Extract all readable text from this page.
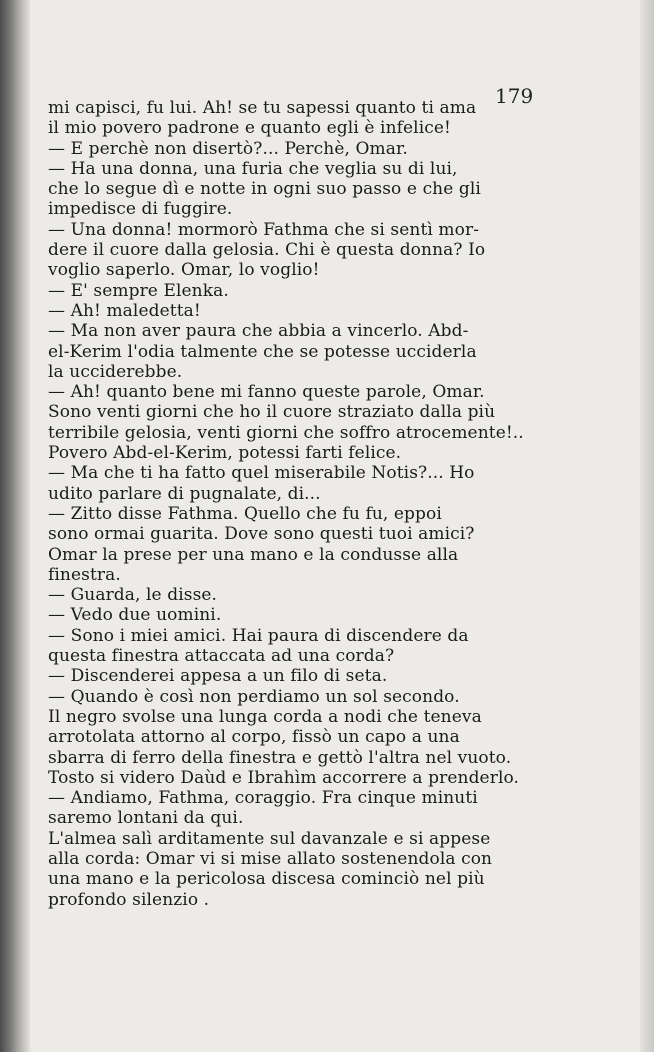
179
mi capisci, fu lui. Ah! se tu sapessi quanto ti ama
il mio povero padrone e quanto egli è infelice!
— E perchè non disertò?... Perchè, Omar.
— Ha una donna, una furia che veglia su di lui,
che lo segue dì e notte in ogni suo passo e che gli
impedisce di fuggire.
— Una donna! mormorò Fathma che si sentì mor-
dere il cuore dalla gelosia. Chi è questa donna? Io
voglio saperlo. Omar, lo voglio!
— E' sempre Elenka.
— Ah! maledetta!
— Ma non aver paura che abbia a vincerlo. Abd-
el-Kerim l'odia talmente che se potesse ucciderla
la ucciderebbe.
— Ah! quanto bene mi fanno queste parole, Omar.
Sono venti giorni che ho il cuore straziato dalla più
terribile gelosia, venti giorni che soffro atrocemente!..
Povero Abd-el-Kerim, potessi farti felice.
— Ma che ti ha fatto quel miserabile Notis?... Ho
udito parlare di pugnalate, di...
— Zitto disse Fathma. Quello che fu fu, eppoi
sono ormai guarita. Dove sono questi tuoi amici?
Omar la prese per una mano e la condusse alla
finestra.
— Guarda, le disse.
— Vedo due uomini.
— Sono i miei amici. Hai paura di discendere da
questa finestra attaccata ad una corda?
— Discenderei appesa a un filo di seta.
— Quando è così non perdiamo un sol secondo.
Il negro svolse una lunga corda a nodi che teneva
arrotolata attorno al corpo, fissò un capo a una
sbarra di ferro della finestra e gettò l'altra nel vuoto.
Tosto si videro Daùd e Ibrahìm accorrere a prenderlo.
— Andiamo, Fathma, coraggio. Fra cinque minuti
saremo lontani da qui.
L'almea salì arditamente sul davanzale e si appese
alla corda: Omar vi si mise allato sostenendola con
una mano e la pericolosa discesa cominciò nel più
profondo silenzio .
